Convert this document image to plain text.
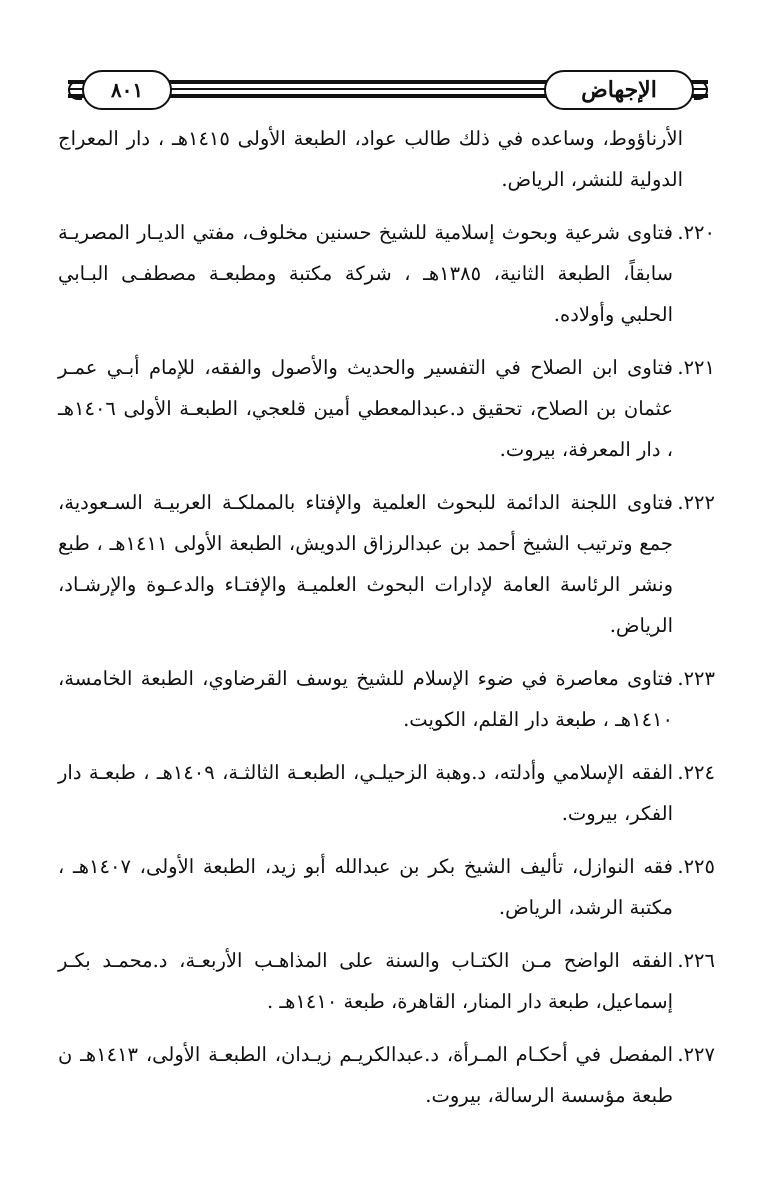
الإجهاض
٨٠١

الأرناؤوط، وساعده في ذلك طالب عواد، الطبعة الأولى ١٤١٥هـ ، دار المعراج الدولية للنشر، الرياض.

٢٢٠ .
فتاوى شرعية وبحوث إسلامية للشيخ حسنين مخلوف، مفتي الديـار المصريـة سابقاً، الطبعة الثانية، ١٣٨٥هـ ، شركة مكتبة ومطبعـة مصطفـى البـابي الحلبي وأولاده.
٢٢١ .
فتاوى ابن الصلاح في التفسير والحديث والأصول والفقه، للإمام أبـي عمـر عثمان بن الصلاح، تحقيق د.عبدالمعطي أمين قلعجي، الطبعـة الأولى ١٤٠٦هـ ، دار المعرفة، بيروت.
٢٢٢ .
فتاوى اللجنة الدائمة للبحوث العلمية والإفتاء بالمملكـة العربيـة السـعودية، جمع وترتيب الشيخ أحمد بن عبدالرزاق الدويش، الطبعة الأولى ١٤١١هـ ، طبع ونشر الرئاسة العامة لإدارات البحوث العلميـة والإفتـاء والدعـوة والإرشـاد، الرياض.
٢٢٣ .
فتاوى معاصرة في ضوء الإسلام للشيخ يوسف القرضاوي، الطبعة الخامسة، ١٤١٠هـ ، طبعة دار القلم، الكويت.
٢٢٤ .
الفقه الإسلامي وأدلته، د.وهبة الزحيلـي، الطبعـة الثالثـة، ١٤٠٩هـ ، طبعـة دار الفكر، بيروت.
٢٢٥ .
فقه النوازل، تأليف الشيخ بكر بن عبدالله أبو زيد، الطبعة الأولى، ١٤٠٧هـ ، مكتبة الرشد، الرياض.
٢٢٦ .
الفقه الواضح مـن الكتـاب والسنة على المذاهـب الأربعـة، د.محمـد بكـر إسماعيل، طبعة دار المنار، القاهرة، طبعة ١٤١٠هـ .
٢٢٧ .
المفصل في أحكـام المـرأة، د.عبدالكريـم زيـدان، الطبعـة الأولى، ١٤١٣هـ ن طبعة مؤسسة الرسالة، بيروت.
